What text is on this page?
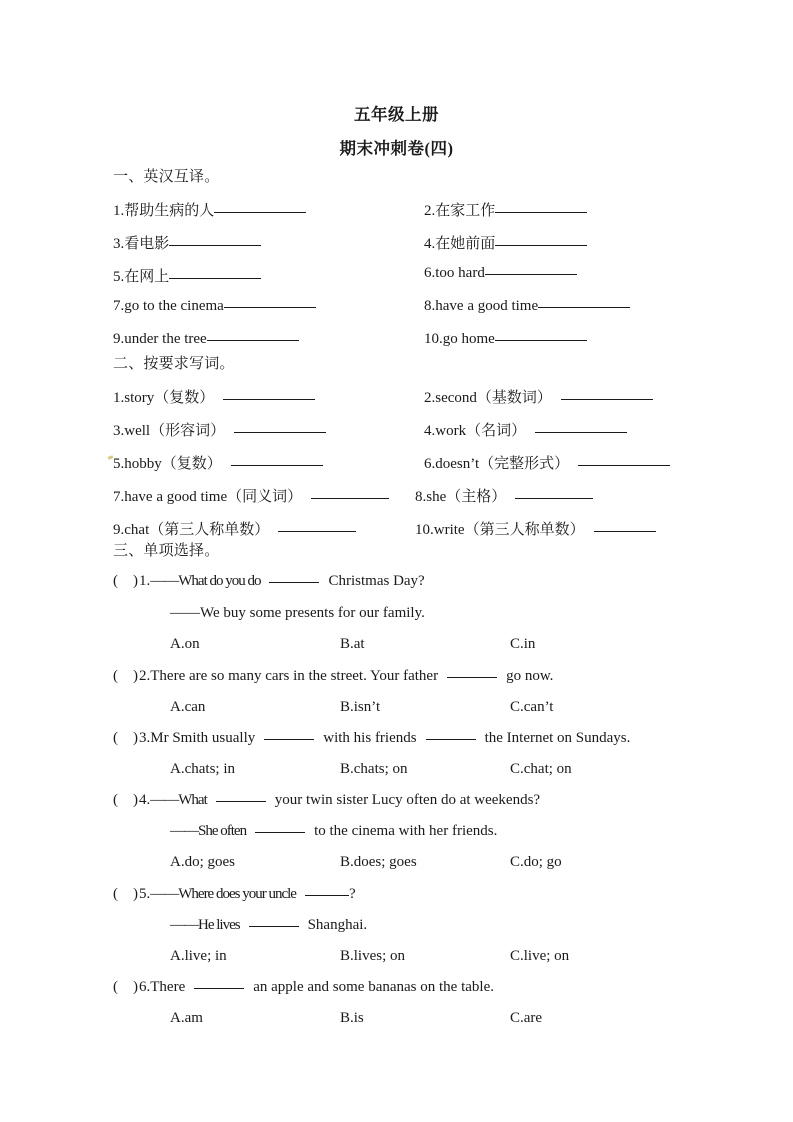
五年级上册
期末冲刺卷(四)
一、英汉互译。
1.帮助生病的人	2.在家工作
3.看电影	4.在她前面
5.在网上	6.too hard
7.go to the cinema	8.have a good time
9.under the tree	10.go home
二、按要求写词。
1.story（复数）	2.second（基数词）
3.well（形容词）	4.work（名词）
5.hobby（复数）	6.doesn’t（完整形式）
7.have a good time（同义词）	8.she（主格）
9.chat（第三人称单数）	10.write（第三人称单数）
三、单项选择。
(    )1.——What do you do	Christmas Day?
——We buy some presents for our family.
A.on	B.at	C.in
(    )2.There are so many cars in the street. Your father	go now.
A.can	B.isn’t	C.can’t
(    )3.Mr Smith usually	with his friends	the Internet on Sundays.
A.chats; in	B.chats; on	C.chat; on
(    )4.——What	your twin sister Lucy often do at weekends?
——She often	to the cinema with her friends.
A.do; goes	B.does; goes	C.do; go
(    )5.——Where does your uncle	?
——He lives	Shanghai.
A.live; in	B.lives; on	C.live; on
(    )6.There	an apple and some bananas on the table.
A.am	B.is	C.are
